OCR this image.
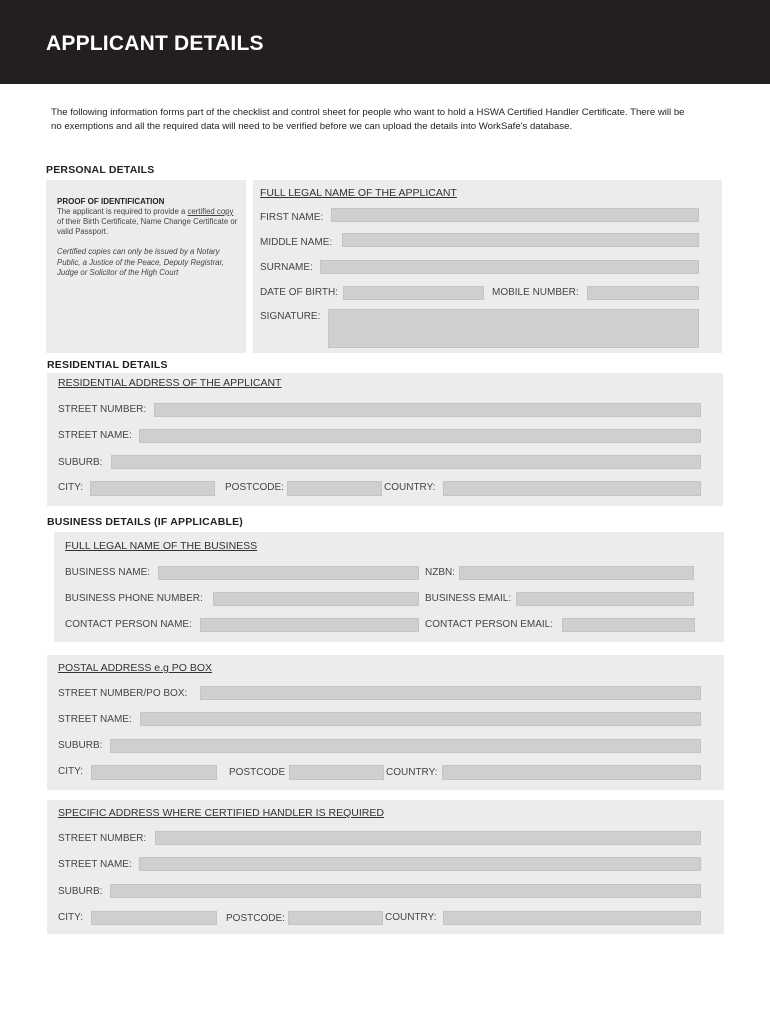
APPLICANT DETAILS

The following information forms part of the checklist and control sheet for people who want to hold a HSWA Certified Handler Certificate. There will be no exemptions and all the required data will need to be verified before we can upload the details into WorkSafe's database.

PERSONAL DETAILS
PROOF OF IDENTIFICATION
The applicant is required to provide a certified copy of their Birth Certificate, Name Change Certificate or valid Passport.
Certified copies can only be issued by a Notary Public, a Justice of the Peace, Deputy Registrar, Judge or Solicitor of the High Court
FULL LEGAL NAME OF THE APPLICANT
FIRST NAME:
MIDDLE NAME:
SURNAME:
DATE OF BIRTH:	MOBILE NUMBER:
SIGNATURE:
RESIDENTIAL DETAILS
RESIDENTIAL ADDRESS OF THE APPLICANT
STREET NUMBER:
STREET NAME:
SUBURB:
CITY:	POSTCODE:	COUNTRY:
BUSINESS DETAILS (IF APPLICABLE)
FULL LEGAL NAME OF THE BUSINESS
BUSINESS NAME:	NZBN:
BUSINESS PHONE NUMBER:	BUSINESS EMAIL:
CONTACT PERSON NAME:	CONTACT PERSON EMAIL:
POSTAL ADDRESS e.g PO BOX
STREET NUMBER/PO BOX:
STREET NAME:
SUBURB:
CITY:	POSTCODE	COUNTRY:
SPECIFIC ADDRESS WHERE CERTIFIED HANDLER IS REQUIRED
STREET NUMBER:
STREET NAME:
SUBURB:
CITY:	POSTCODE:	COUNTRY:
